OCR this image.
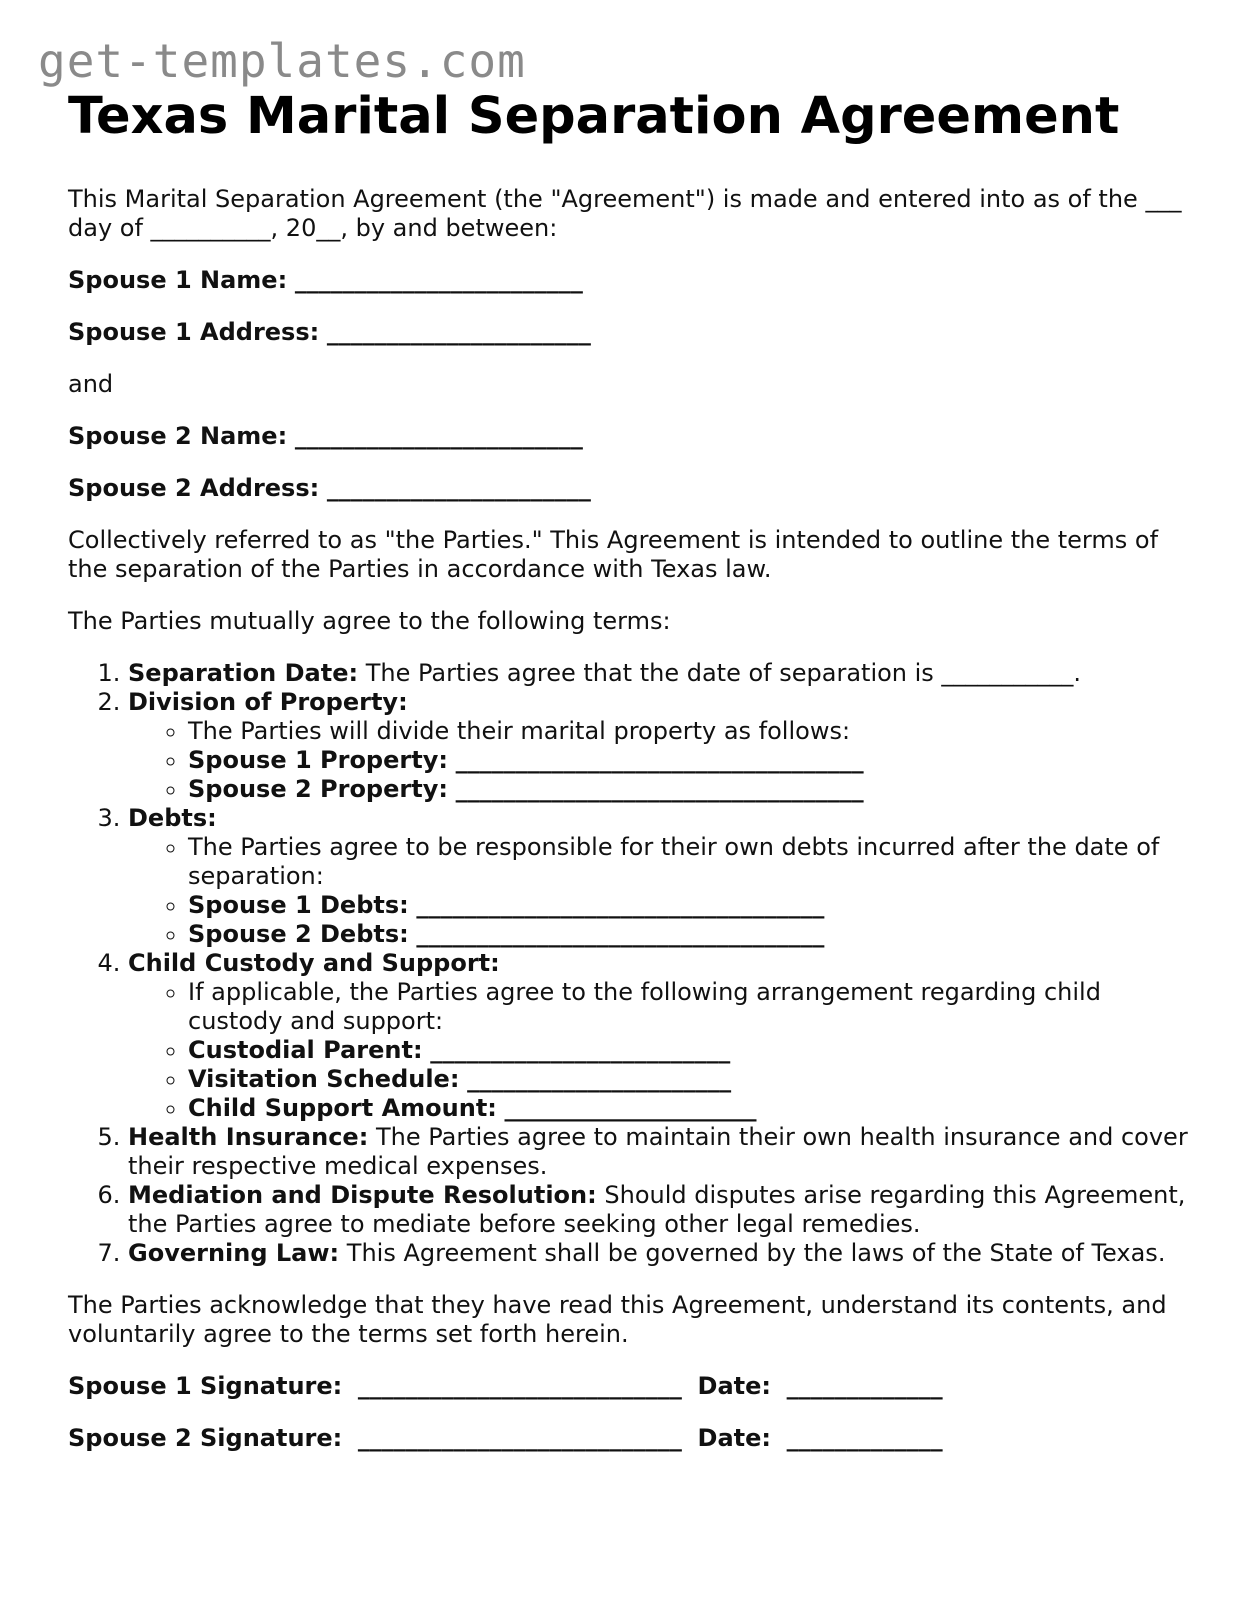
get-templates.com
Texas Marital Separation Agreement

This Marital Separation Agreement (the "Agreement") is made and entered into as of the ___ day of __________, 20__, by and between:

Spouse 1 Name: ________________________

Spouse 1 Address: ______________________

and

Spouse 2 Name: ________________________

Spouse 2 Address: ______________________

Collectively referred to as "the Parties." This Agreement is intended to outline the terms of the separation of the Parties in accordance with Texas law.

The Parties mutually agree to the following terms:

1. Separation Date: The Parties agree that the date of separation is ___________.
2. Division of Property:
◦ The Parties will divide their marital property as follows:
◦ Spouse 1 Property: __________________________________
◦ Spouse 2 Property: __________________________________
3. Debts:
◦ The Parties agree to be responsible for their own debts incurred after the date of separation:
◦ Spouse 1 Debts: __________________________________
◦ Spouse 2 Debts: __________________________________
4. Child Custody and Support:
◦ If applicable, the Parties agree to the following arrangement regarding child custody and support:
◦ Custodial Parent: _________________________
◦ Visitation Schedule: ______________________
◦ Child Support Amount: _____________________
5. Health Insurance: The Parties agree to maintain their own health insurance and cover their respective medical expenses.
6. Mediation and Dispute Resolution: Should disputes arise regarding this Agreement, the Parties agree to mediate before seeking other legal remedies.
7. Governing Law: This Agreement shall be governed by the laws of the State of Texas.

The Parties acknowledge that they have read this Agreement, understand its contents, and voluntarily agree to the terms set forth herein.

Spouse 1 Signature: ___________________________ Date: _____________

Spouse 2 Signature: ___________________________ Date: _____________
